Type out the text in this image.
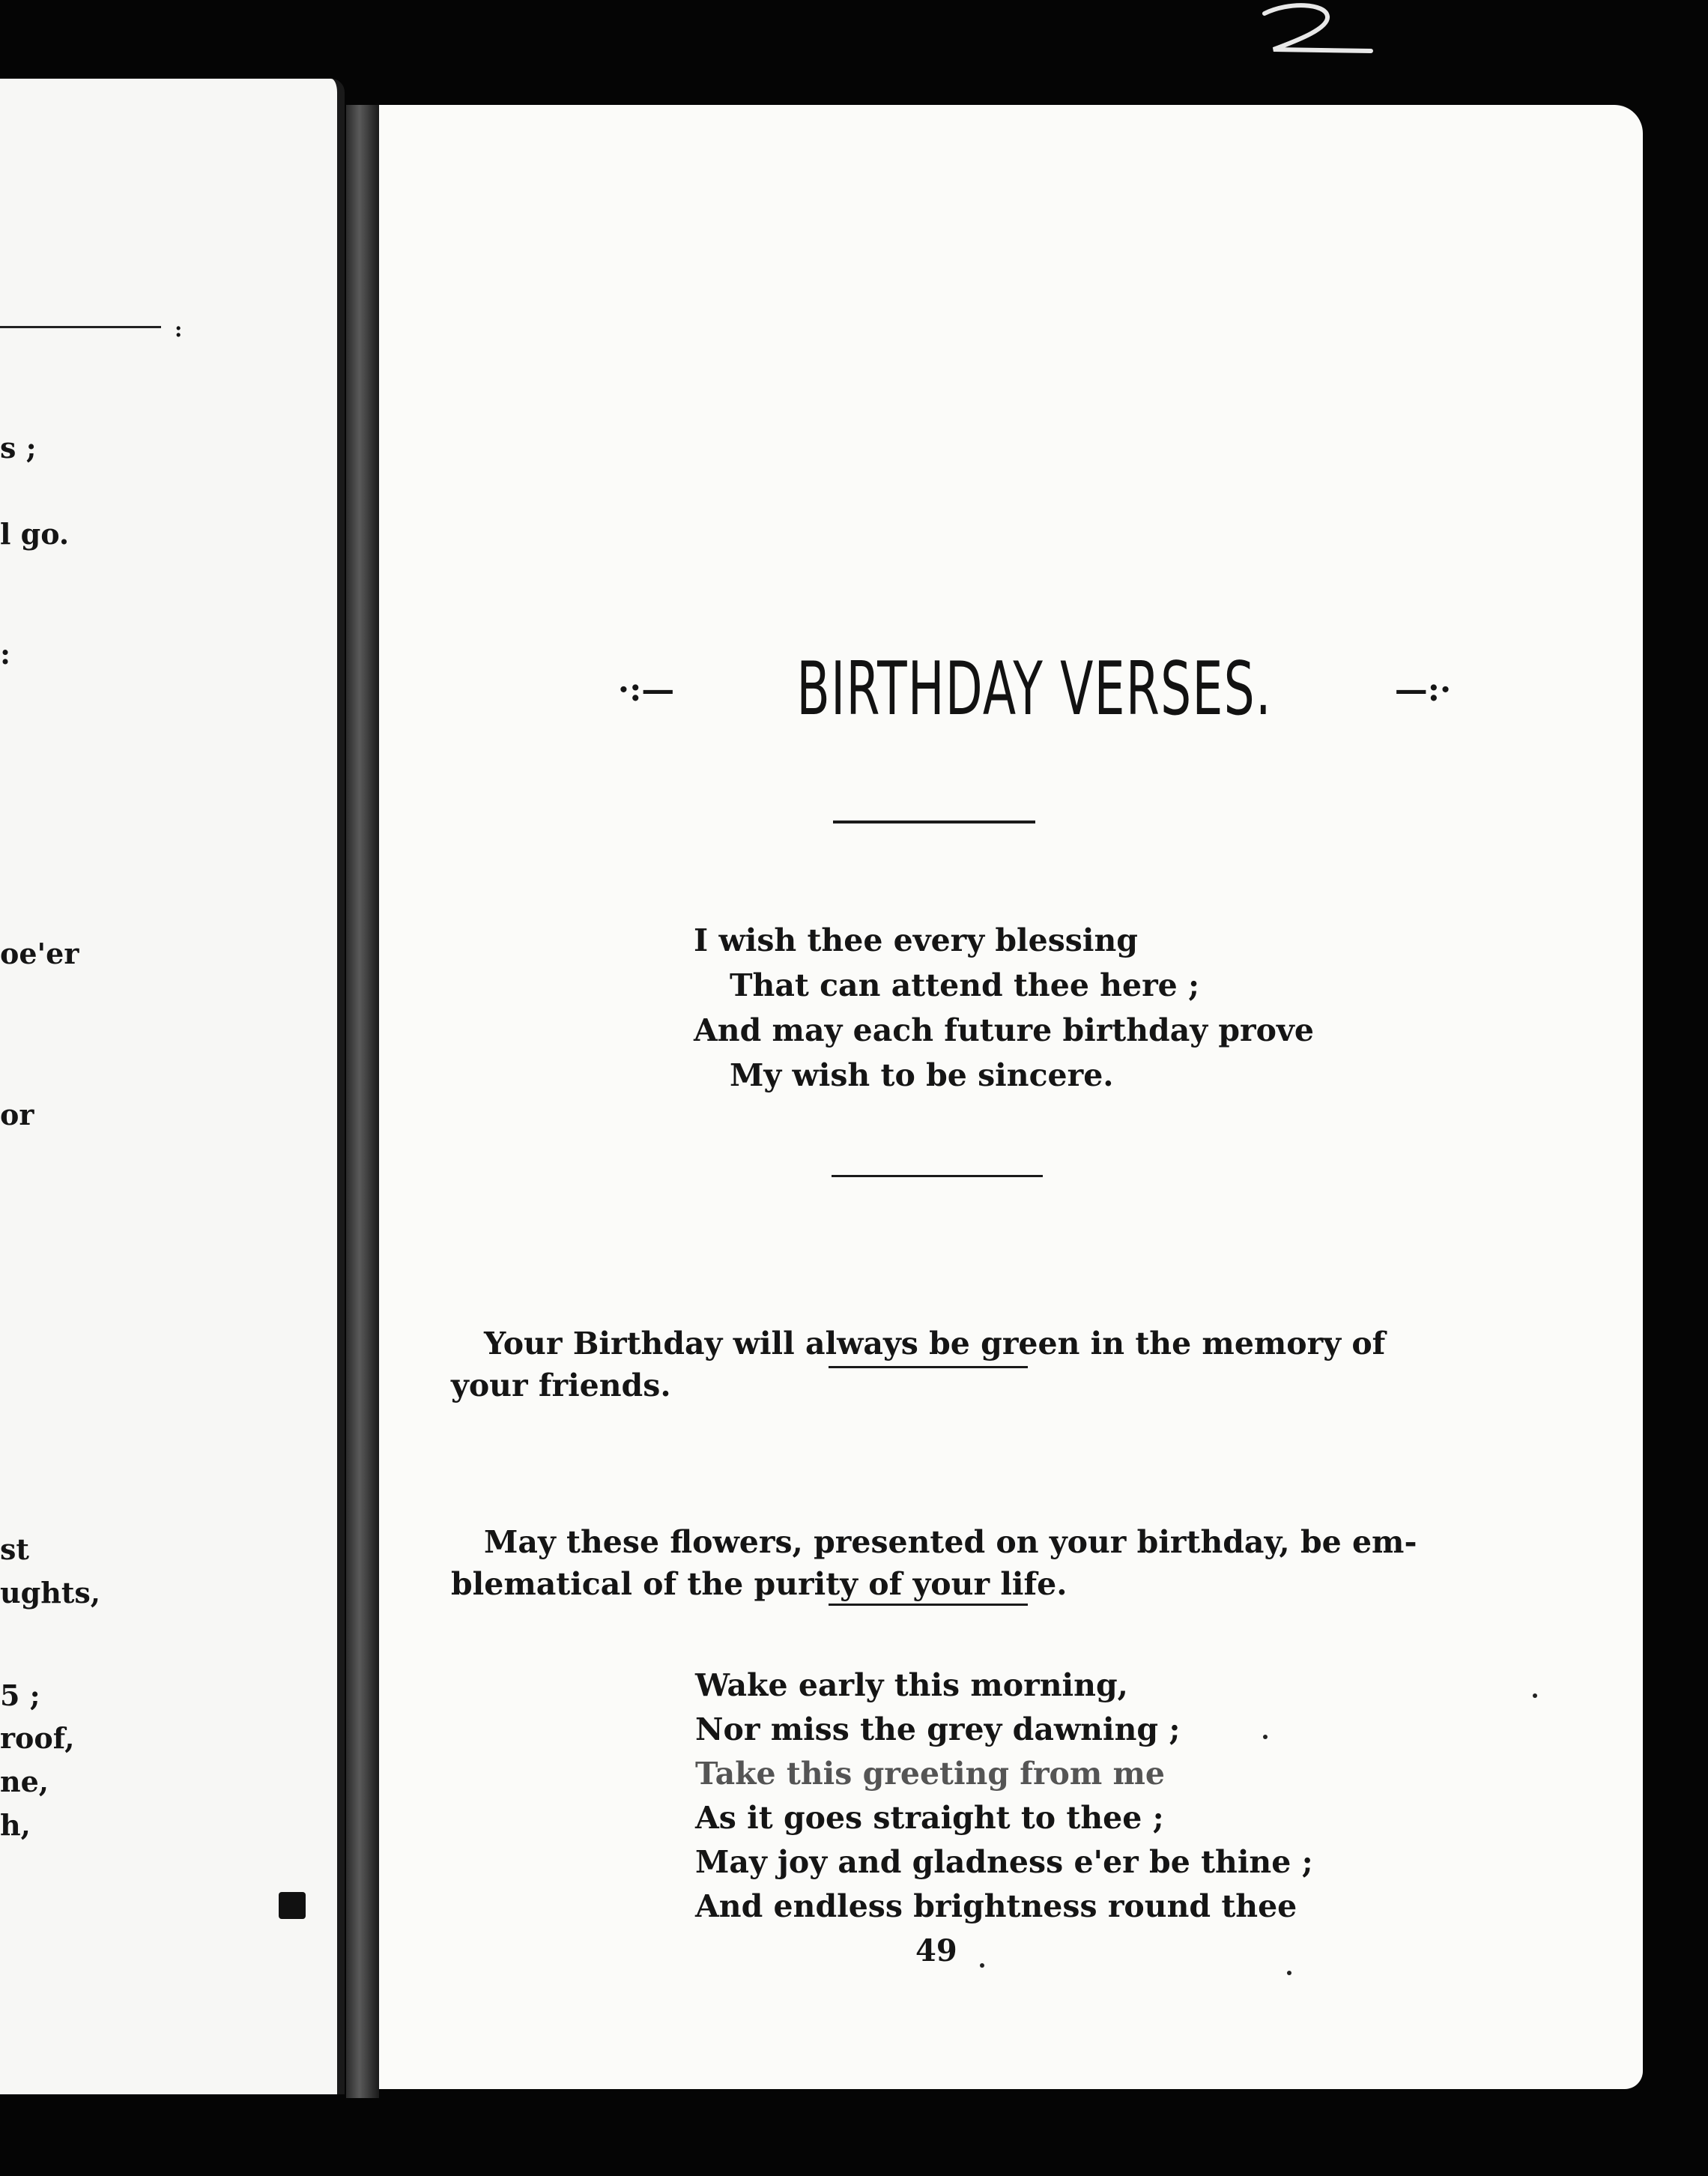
:
s ;
l go.
:
oe'er
or
st
ughts,
5 ;
roof,
ne,
h,
·:— BIRTHDAY VERSES.	—:·
I wish thee every blessing
That can attend thee here ;
And may each future birthday prove
My wish to be sincere.
Your Birthday will always be green in the memory of
your friends.
May these flowers, presented on your birthday, be em-
blematical of the purity of your life.
Wake early this morning,
Nor miss the grey dawning ;
Take this greeting from me
As it goes straight to thee ;
May joy and gladness e'er be thine ;
And endless brightness round thee
49
